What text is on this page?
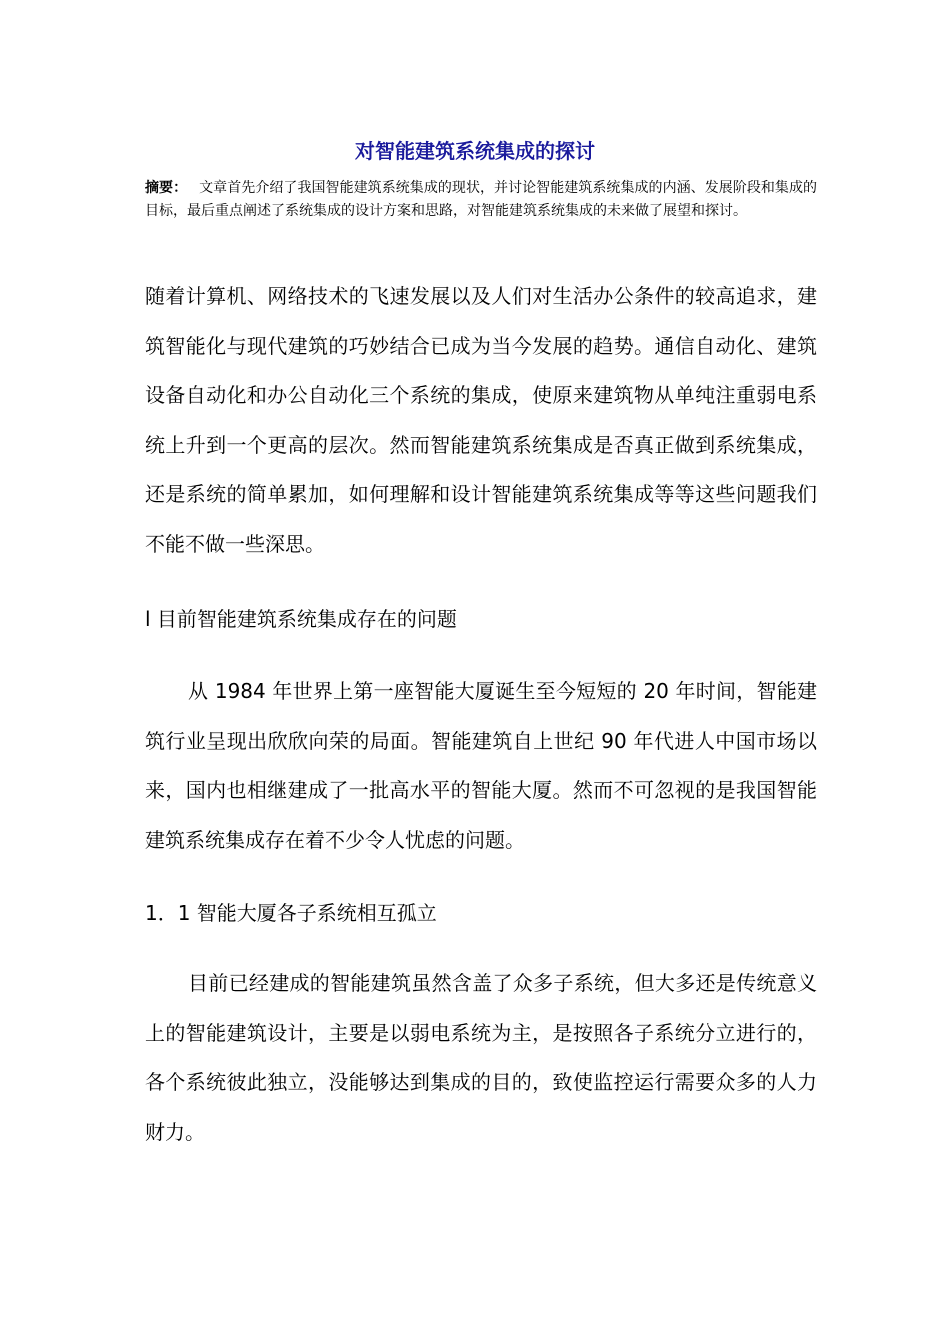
对智能建筑系统集成的探讨
摘要： 文章首先介绍了我国智能建筑系统集成的现状，并讨论智能建筑系统集成的内涵、发展阶段和集成的目标，最后重点阐述了系统集成的设计方案和思路，对智能建筑系统集成的未来做了展望和探讨。
随着计算机、网络技术的飞速发展以及人们对生活办公条件的较高追求，建筑智能化与现代建筑的巧妙结合已成为当今发展的趋势。通信自动化、建筑设备自动化和办公自动化三个系统的集成，使原来建筑物从单纯注重弱电系统上升到一个更高的层次。然而智能建筑系统集成是否真正做到系统集成，还是系统的简单累加，如何理解和设计智能建筑系统集成等等这些问题我们不能不做一些深思。
l 目前智能建筑系统集成存在的问题
从 1984 年世界上第一座智能大厦诞生至今短短的 20 年时间，智能建筑行业呈现出欣欣向荣的局面。智能建筑自上世纪 90 年代进人中国市场以来，国内也相继建成了一批高水平的智能大厦。然而不可忽视的是我国智能建筑系统集成存在着不少令人忧虑的问题。
1．1 智能大厦各子系统相互孤立
目前已经建成的智能建筑虽然含盖了众多子系统，但大多还是传统意义上的智能建筑设计，主要是以弱电系统为主，是按照各子系统分立进行的，各个系统彼此独立，没能够达到集成的目的，致使监控运行需要众多的人力财力。
